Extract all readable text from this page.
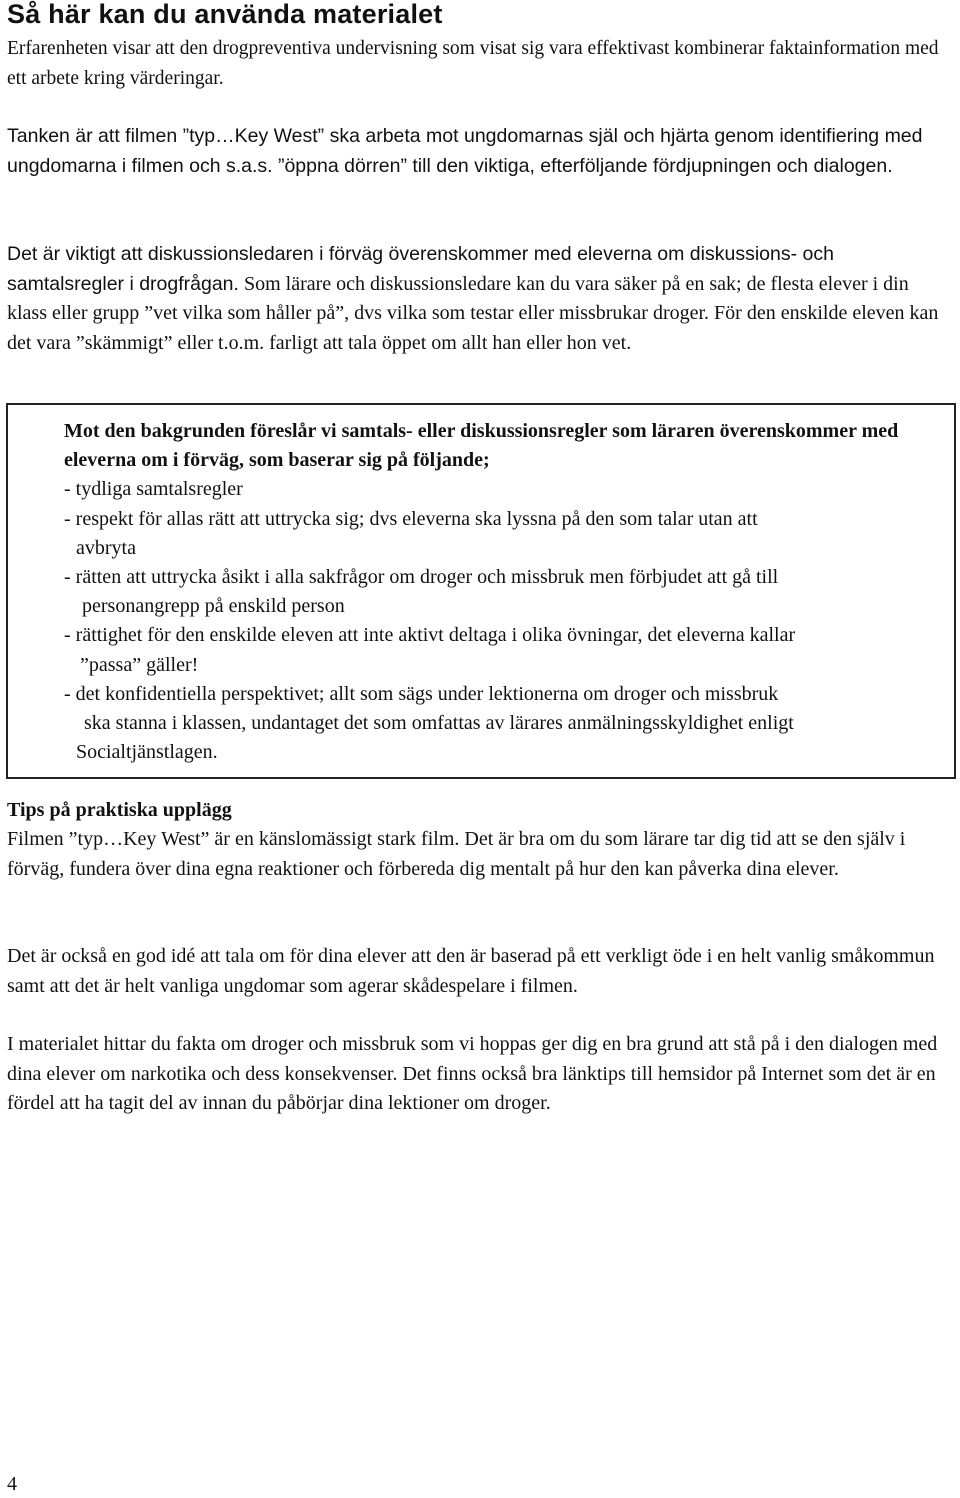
Så här kan du använda materialet

Erfarenheten visar att den drogpreventiva undervisning som visat sig vara effektivast kombinerar faktainformation med ett arbete kring värderingar.

Tanken är att filmen ”typ…Key West” ska arbeta mot ungdomarnas själ och hjärta genom identifiering med ungdomarna i filmen och s.a.s. ”öppna dörren” till den viktiga, efterföljande fördjupningen och dialogen.

Det är viktigt att diskussionsledaren i förväg överenskommer med eleverna om diskussions- och samtalsregler i drogfrågan. Som lärare och diskussionsledare kan du vara säker på en sak; de flesta elever i din klass eller grupp ”vet vilka som håller på”, dvs vilka som testar eller missbrukar droger. För den enskilde eleven kan det vara ”skämmigt” eller t.o.m. farligt att tala öppet om allt han eller hon vet.

Mot den bakgrunden föreslår vi samtals- eller diskussionsregler som läraren överenskommer med eleverna om i förväg, som baserar sig på följande;

- tydliga samtalsregler

- respekt för allas rätt att uttrycka sig; dvs eleverna ska lyssna på den som talar utan att

avbryta

- rätten att uttrycka åsikt i alla sakfrågor om droger och missbruk men förbjudet att gå till

personangrepp på enskild person

- rättighet för den enskilde eleven att inte aktivt deltaga i olika övningar, det eleverna kallar

”passa” gäller!

- det konfidentiella perspektivet; allt som sägs under lektionerna om droger och missbruk

ska stanna i klassen, undantaget det som omfattas av lärares anmälningsskyldighet enligt

Socialtjänstlagen.

Tips på praktiska upplägg

Filmen ”typ…Key West” är en känslomässigt stark film. Det är bra om du som lärare tar dig tid att se den själv i förväg, fundera över dina egna reaktioner och förbereda dig mentalt på hur den kan påverka dina elever.

Det är också en god idé att tala om för dina elever att den är baserad på ett verkligt öde i en helt vanlig småkommun samt att det är helt vanliga ungdomar som agerar skådespelare i filmen.

I materialet hittar du fakta om droger och missbruk som vi hoppas ger dig en bra grund att stå på i den dialogen med dina elever om narkotika och dess konsekvenser. Det finns också bra länktips till hemsidor på Internet som det är en fördel att ha tagit del av innan du påbörjar dina lektioner om droger.

4
